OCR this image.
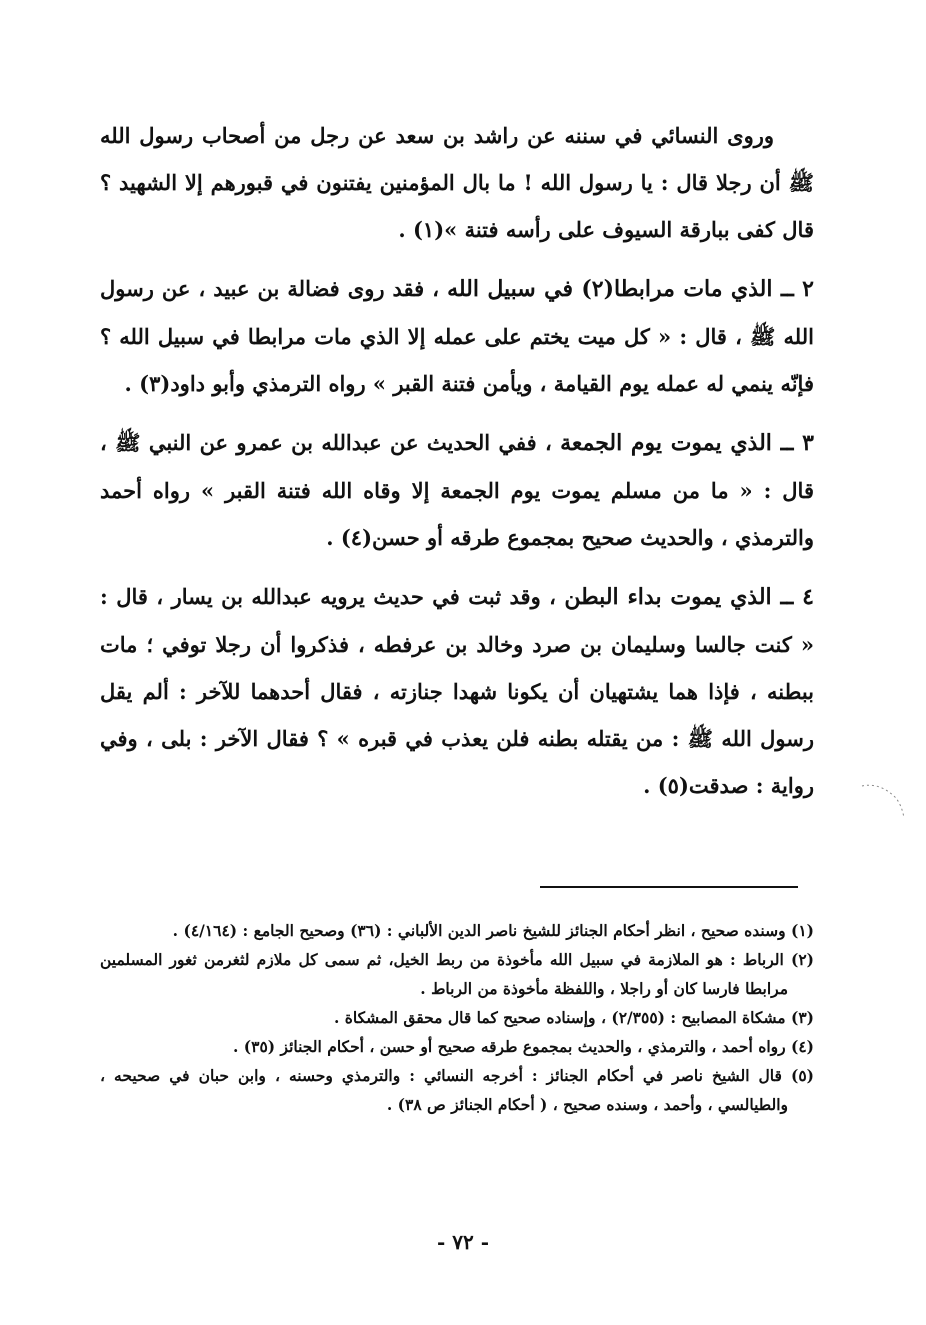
وروى النسائي في سننه عن راشد بن سعد عن رجل من أصحاب رسول الله ﷺ أن رجلا قال : يا رسول الله ! ما بال المؤمنين يفتنون في قبورهم إلا الشهيد ؟ قال كفى ببارقة السيوف على رأسه فتنة »(١) .

٢ ــ الذي مات مرابطا(٢) في سبيل الله ، فقد روى فضالة بن عبيد ، عن رسول الله ﷺ ، قال : « كل ميت يختم على عمله إلا الذي مات مرابطا في سبيل الله ؟ فإنّه ينمي له عمله يوم القيامة ، ويأمن فتنة القبر » رواه الترمذي وأبو داود(٣) .

٣ ــ الذي يموت يوم الجمعة ، ففي الحديث عن عبدالله بن عمرو عن النبي ﷺ ، قال : « ما من مسلم يموت يوم الجمعة إلا وقاه الله فتنة القبر » رواه أحمد والترمذي ، والحديث صحيح بمجموع طرقه أو حسن(٤) .

٤ ــ الذي يموت بداء البطن ، وقد ثبت في حديث يرويه عبدالله بن يسار ، قال : « كنت جالسا وسليمان بن صرد وخالد بن عرفطه ، فذكروا أن رجلا توفي ؛ مات ببطنه ، فإذا هما يشتهيان أن يكونا شهدا جنازته ، فقال أحدهما للآخر : ألم يقل رسول الله ﷺ : من يقتله بطنه فلن يعذب في قبره » ؟ فقال الآخر : بلى ، وفي رواية : صدقت(٥) .

(١) وسنده صحيح ، انظر أحكام الجنائز للشيخ ناصر الدين الألباني : (٣٦) وصحيح الجامع : (٤/١٦٤) .

(٢) الرباط : هو الملازمة في سبيل الله مأخوذة من ربط الخيل، ثم سمى كل ملازم لثغرمن ثغور المسلمين مرابطا فارسا كان أو راجلا ، واللفظة مأخوذة من الرباط .

(٣) مشكاة المصابيح : (٢/٣٥٥) ، وإسناده صحيح كما قال محقق المشكاة .

(٤) رواه أحمد ، والترمذي ، والحديث بمجموع طرقه صحيح أو حسن ، أحكام الجنائز (٣٥) .

(٥) قال الشيخ ناصر في أحكام الجنائز : أخرجه النسائي : والترمذي وحسنه ، وابن حبان في صحيحه ، والطيالسي ، وأحمد ، وسنده صحيح ، ( أحكام الجنائز ص ٣٨) .

- ٧٢ -
